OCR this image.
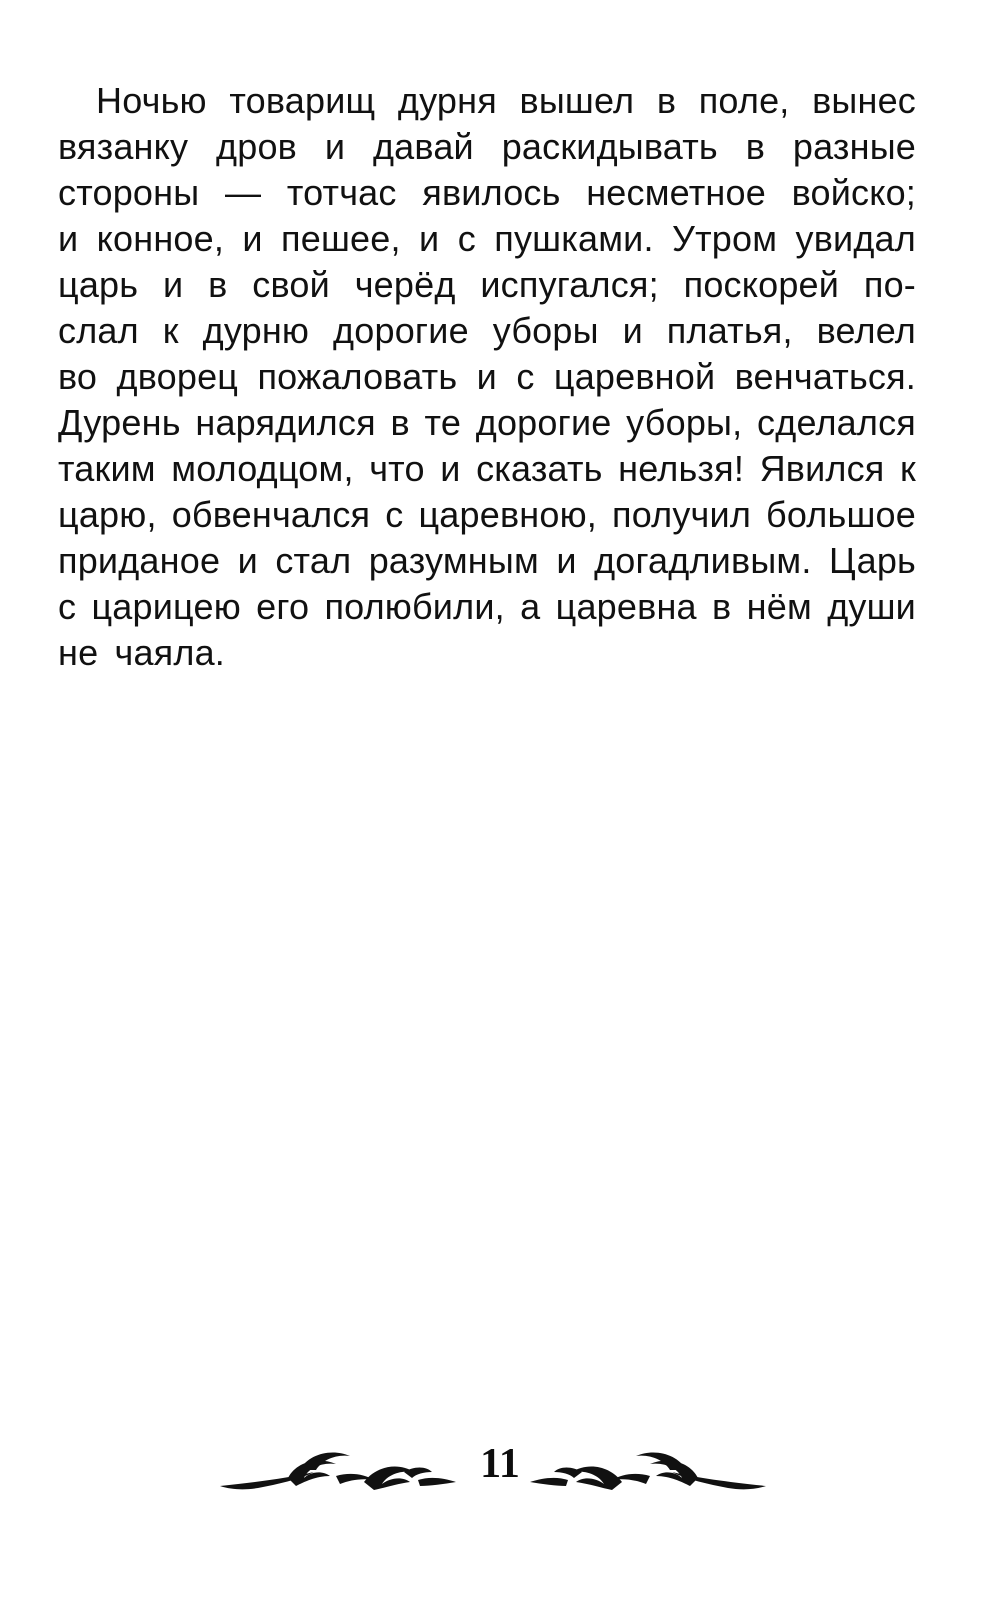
Ночью товарищ дурня вышел в поле, вынес
вязанку дров и давай раскидывать в разные
стороны — тотчас явилось несметное войско;
и конное, и пешее, и с пушками. Утром увидал
царь и в свой черёд испугался; поскорей по-
слал к дурню дорогие уборы и платья, велел
во дворец пожаловать и с царевной венчаться.
Дурень нарядился в те дорогие уборы, сделался
таким молодцом, что и сказать нельзя! Явился к
царю, обвенчался с царевною, получил большое
приданое и стал разумным и догадливым. Царь
с царицею его полюбили, а царевна в нём души
не чаяла.
11
